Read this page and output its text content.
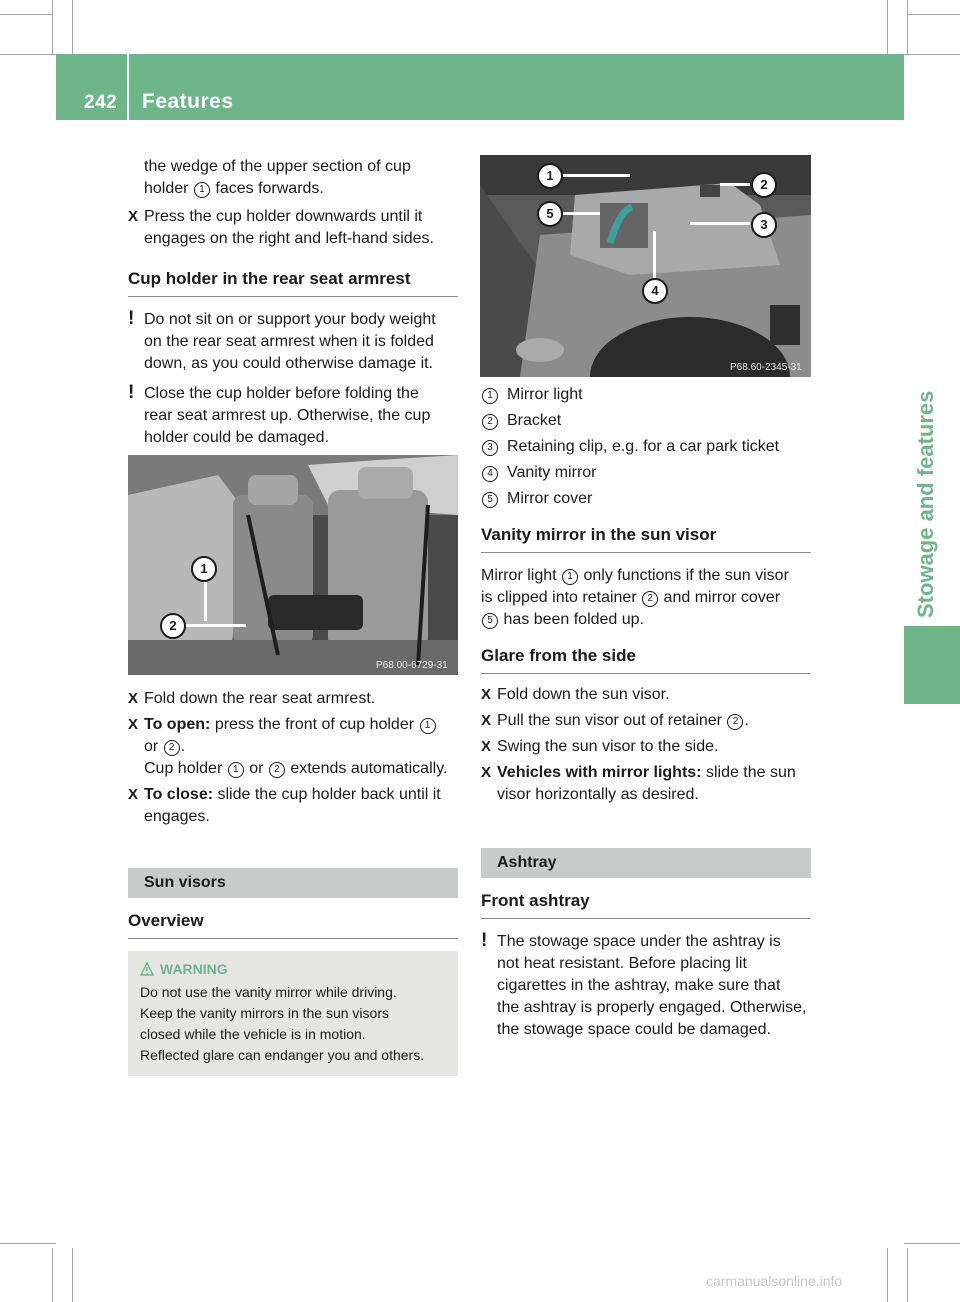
242 Features
Stowage and features

the wedge of the upper section of cup
holder 1 faces forwards.

X Press the cup holder downwards until it
engages on the right and left-hand sides.
Cup holder in the rear seat armrest
! Do not sit on or support your body weight
on the rear seat armrest when it is folded
down, as you could otherwise damage it.
! Close the cup holder before folding the
rear seat armrest up. Otherwise, the cup
holder could be damaged.
1
2
P68.00-6729-31
X Fold down the rear seat armrest.
X To open: press the front of cup holder 1
or 2 .
Cup holder 1 or 2 extends automatically.
X To close: slide the cup holder back until it
engages.
Sun visors
Overview
WARNING
Do not use the vanity mirror while driving.
Keep the vanity mirrors in the sun visors
closed while the vehicle is in motion.
Reflected glare can endanger you and others.
1
2
3
4
5
P68.60-2345-31
1 Mirror light
2 Bracket
3 Retaining clip, e.g. for a car park ticket
4 Vanity mirror
5 Mirror cover
Vanity mirror in the sun visor

Mirror light 1 only functions if the sun visor
is clipped into retainer 2 and mirror cover
5 has been folded up.

Glare from the side
X Fold down the sun visor.
X Pull the sun visor out of retainer 2 .
X Swing the sun visor to the side.
X Vehicles with mirror lights: slide the sun
visor horizontally as desired.
Ashtray
Front ashtray
! The stowage space under the ashtray is
not heat resistant. Before placing lit
cigarettes in the ashtray, make sure that
the ashtray is properly engaged. Otherwise,
the stowage space could be damaged.
carmanualsonline.info
